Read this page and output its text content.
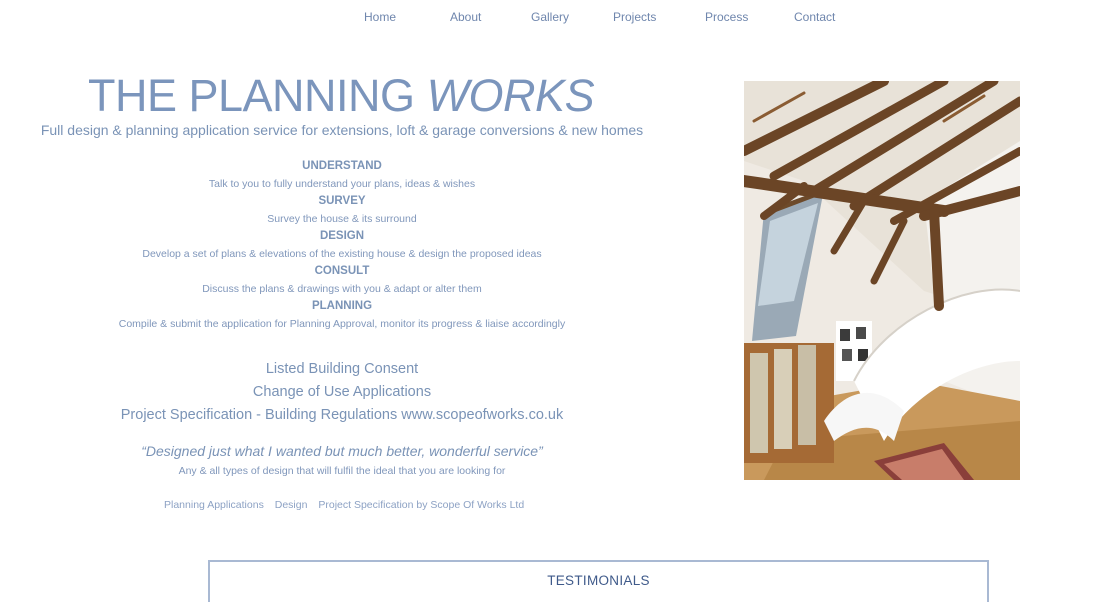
Home	About	Gallery	Projects	Process	Contact
THE PLANNING WORKS
Full design & planning application service for extensions, loft & garage conversions & new homes
UNDERSTAND
Talk to you to fully understand your plans, ideas & wishes
SURVEY
Survey the house & its surround
DESIGN
Develop a set of plans & elevations of the existing house & design the proposed ideas
CONSULT
Discuss the plans & drawings with you & adapt or alter them
PLANNING
Compile & submit the application for Planning Approval, monitor its progress & liaise accordingly
Listed Building Consent
Change of Use Applications
Project Specification - Building Regulations www.scopeofworks.co.uk
“Designed just what I wanted but much better, wonderful service”
Any & all types of design that will fulfil the ideal that you are looking for
Planning Applications Design Project Specification by Scope Of Works Ltd
TESTIMONIALS
